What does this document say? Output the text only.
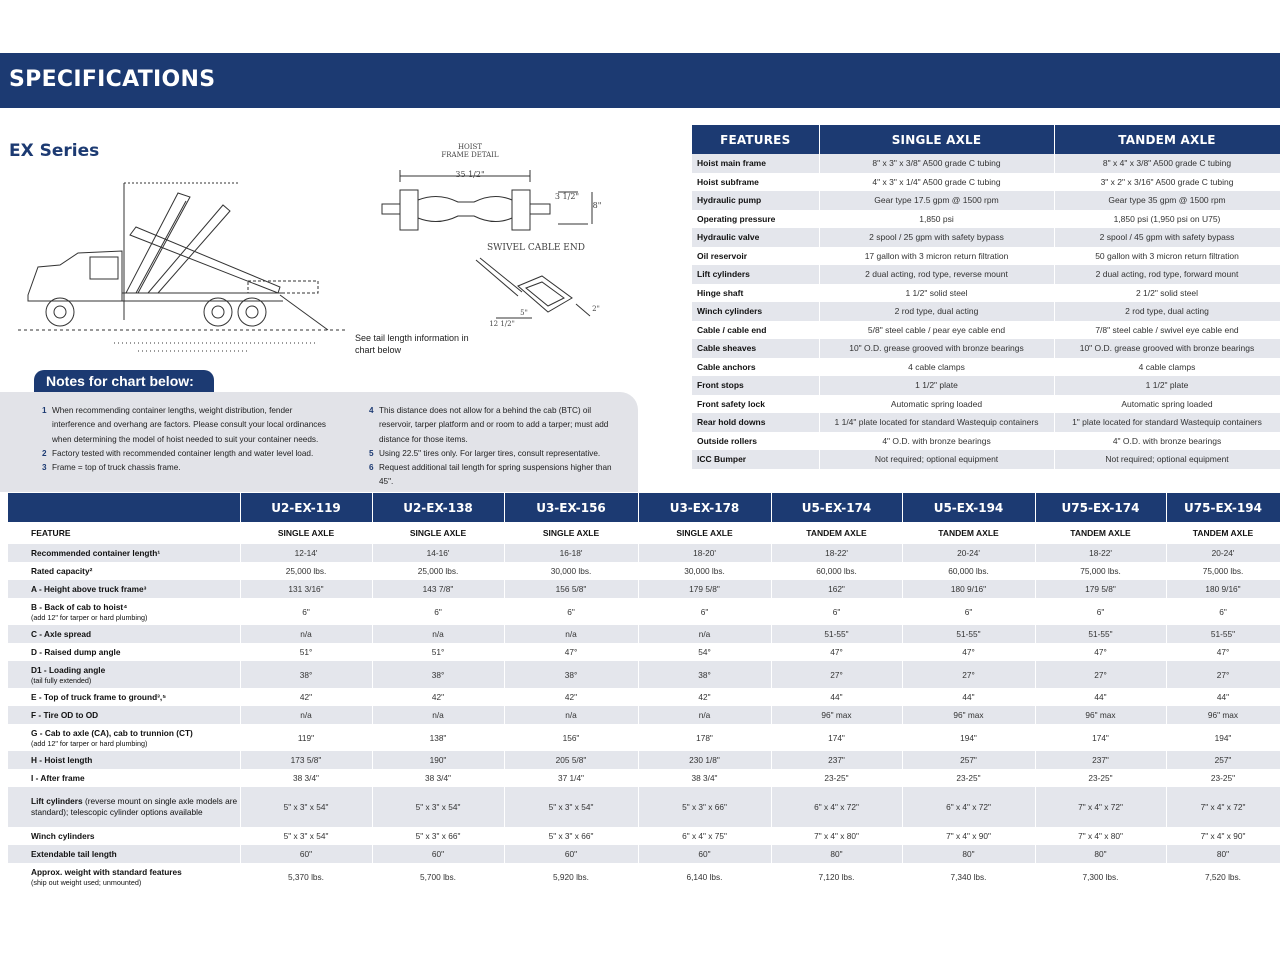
SPECIFICATIONS
EX Series	HOIST
FRAME DETAIL
35 1/2"
3 1/2"
8"
SWIVEL CABLE END
12 1/2"
2"
5"
See tail length information in chart below
Notes for chart below:
1 When recommending container lengths, weight distribution, fender interference and overhang are factors. Please consult your local ordinances when determining the model of hoist needed to suit your container needs.
2 Factory tested with recommended container length and water level load.
3 Frame = top of truck chassis frame.
4 This distance does not allow for a behind the cab (BTC) oil reservoir, tarper platform and or room to add a tarper; must add distance for those items.
5 Using 22.5" tires only. For larger tires, consult representative.
6 Request additional tail length for spring suspensions higher than 45".
FEATURES	SINGLE AXLE	TANDEM AXLE
Hoist main frame	8" x 3" x 3/8" A500 grade C tubing	8" x 4" x 3/8" A500 grade C tubing
Hoist subframe	4" x 3" x 1/4" A500 grade C tubing	3" x 2" x 3/16" A500 grade C tubing
Hydraulic pump	Gear type 17.5 gpm @ 1500 rpm	Gear type 35 gpm @ 1500 rpm
Operating pressure	1,850 psi	1,850 psi (1,950 psi on U75)
Hydraulic valve	2 spool / 25 gpm with safety bypass	2 spool / 45 gpm with safety bypass
Oil reservoir	17 gallon with 3 micron return filtration	50 gallon with 3 micron return filtration
Lift cylinders	2 dual acting, rod type, reverse mount	2 dual acting, rod type, forward mount
Hinge shaft	1 1/2" solid steel	2 1/2" solid steel
Winch cylinders	2 rod type, dual acting	2 rod type, dual acting
Cable / cable end	5/8" steel cable / pear eye cable end	7/8" steel cable / swivel eye cable end
Cable sheaves	10" O.D. grease grooved with bronze bearings	10" O.D. grease grooved with bronze bearings
Cable anchors	4 cable clamps	4 cable clamps
Front stops	1 1/2" plate	1 1/2" plate
Front safety lock	Automatic spring loaded	Automatic spring loaded
Rear hold downs	1 1/4" plate located for standard Wastequip containers	1" plate located for standard Wastequip containers
Outside rollers	4" O.D. with bronze bearings	4" O.D. with bronze bearings
ICC Bumper	Not required; optional equipment	Not required; optional equipment
	U2-EX-119	U2-EX-138	U3-EX-156	U3-EX-178	U5-EX-174	U5-EX-194	U75-EX-174	U75-EX-194
FEATURE	SINGLE AXLE	SINGLE AXLE	SINGLE AXLE	SINGLE AXLE	TANDEM AXLE	TANDEM AXLE	TANDEM AXLE	TANDEM AXLE
Recommended container length¹	12-14'	14-16'	16-18'	18-20'	18-22'	20-24'	18-22'	20-24'
Rated capacity²	25,000 lbs.	25,000 lbs.	30,000 lbs.	30,000 lbs.	60,000 lbs.	60,000 lbs.	75,000 lbs.	75,000 lbs.
A - Height above truck frame³	131 3/16"	143 7/8"	156 5/8"	179 5/8"	162"	180 9/16"	179 5/8"	180 9/16"
B - Back of cab to hoist⁴
(add 12" for tarper or hard plumbing)	6"	6"	6"	6"	6"	6"	6"	6"
C - Axle spread	n/a	n/a	n/a	n/a	51-55"	51-55"	51-55"	51-55"
D - Raised dump angle	51°	51°	47°	54°	47°	47°	47°	47°
D1 - Loading angle
(tail fully extended)	38°	38°	38°	38°	27°	27°	27°	27°
E - Top of truck frame to ground³,⁵	42"	42"	42"	42"	44"	44"	44"	44"
F - Tire OD to OD	n/a	n/a	n/a	n/a	96" max	96" max	96" max	96" max
G - Cab to axle (CA), cab to trunnion (CT)
(add 12" for tarper or hard plumbing)	119"	138"	156"	178"	174"	194"	174"	194"
H - Hoist length	173 5/8"	190"	205 5/8"	230 1/8"	237"	257"	237"	257"
I - After frame	38 3/4"	38 3/4"	37 1/4"	38 3/4"	23-25"	23-25"	23-25"	23-25"
Lift cylinders (reverse mount on single axle models are standard); telescopic cylinder options available	5" x 3" x 54"	5" x 3" x 54"	5" x 3" x 54"	5" x 3" x 66"	6" x 4" x 72"	6" x 4" x 72"	7" x 4" x 72"	7" x 4" x 72"
Winch cylinders	5" x 3" x 54"	5" x 3" x 66"	5" x 3" x 66"	6" x 4" x 75"	7" x 4" x 80"	7" x 4" x 90"	7" x 4" x 80"	7" x 4" x 90"
Extendable tail length	60"	60"	60"	60"	80"	80"	80"	80"
Approx. weight with standard features
(ship out weight used; unmounted)	5,370 lbs.	5,700 lbs.	5,920 lbs.	6,140 lbs.	7,120 lbs.	7,340 lbs.	7,300 lbs.	7,520 lbs.
